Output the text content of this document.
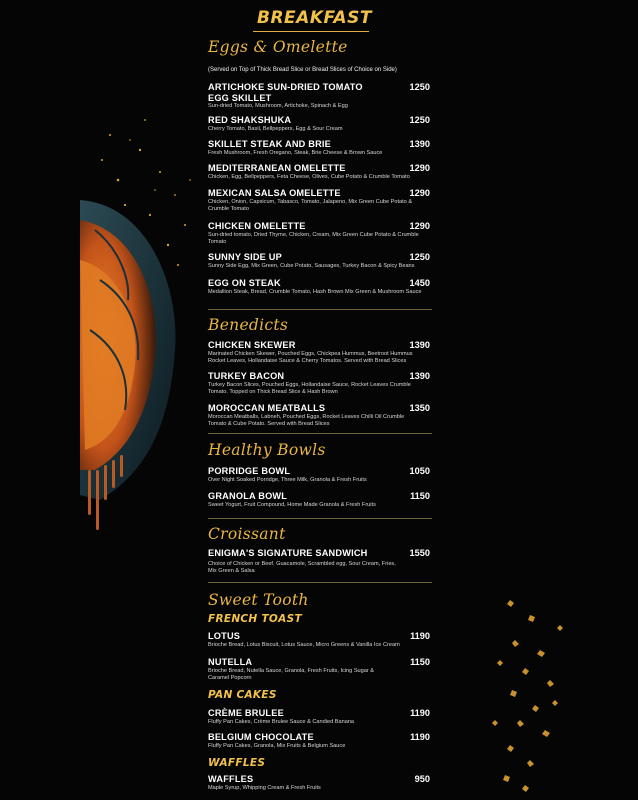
BREAKFAST
Eggs & Omelette
(Served on Top of Thick Bread Slice or Bread Slices of Choice on Side)
ARTICHOKE SUN-DRIED TOMATO EGG SKILLET
1250
Sun-dried Tomato, Mushroom, Artichoke, Spinach & Egg
RED SHAKSHUKA	1250
Cherry Tomato, Basil, Bellpeppers, Egg & Sour Cream
SKILLET STEAK AND BRIE	1390
Fresh Mushroom, Fresh Oregano, Steak, Brie Cheese & Brown Sauce
MEDITERRANEAN OMELETTE	1290
Chicken, Egg, Bellpeppers, Feta Cheese, Olives, Cube Potato & Crumble Tomato
MEXICAN SALSA OMELETTE	1290
Chicken, Onion, Capsicum, Tabasco, Tomato, Jalapeno, Mix Green Cube Potato & Crumble Tomato
CHICKEN OMELETTE	1290
Sun-dried tomato, Dried Thyme, Chicken, Cream, Mix Green Cube Potato & Crumble Tomato
SUNNY SIDE UP	1250
Sunny Side Egg, Mix Green, Cube Potato, Sausages, Turkey Bacon & Spicy Beans
EGG ON STEAK	1450
Medallion Steak, Bread, Crumble Tomato, Hash Brown Mix Green & Mushroom Sauce
Benedicts
CHICKEN SKEWER	1390
Marinated Chicken Skewer, Pouched Eggs, Chickpea Hummus, Beetroot Hummus Rocket Leaves, Hollandaise Sauce & Cherry Tomatos. Served with Bread Slices
TURKEY BACON	1390
Turkey Bacon Slices, Pouched Eggs, Hollandaise Sauce, Rocket Leaves Crumble Tomato. Topped on Thick Bread Slice & Hash Brown
MOROCCAN MEATBALLS	1350
Moroccan Meatballs, Labneh, Pouched Eggs, Rocket Leaves Chilli Oil Crumble Tomato & Cube Potato. Served with Bread Slices
Healthy Bowls
PORRIDGE BOWL	1050
Over Night Soaked Porridge, Three Milk, Granola & Fresh Fruits
GRANOLA BOWL	1150
Sweet Yogurt, Fruit Compound, Home Made Granola & Fresh Fruits
Croissant
ENIGMA'S SIGNATURE SANDWICH	1550
Choice of Chicken or Beef. Guacamole, Scrambled egg, Sour Cream, Fries, Mix Green & Salsa
Sweet Tooth
FRENCH TOAST
LOTUS	1190
Brioche Bread, Lotus Biscuit, Lotus Sauce, Micro Greens & Vanilla Ice Cream
NUTELLA	1150
Brioche Bread, Nutella Sauce, Granola, Fresh Fruits, Icing Sugar & Caramel Popcorn
PAN CAKES
CRÈME BRULEE	1190
Fluffy Pan Cakes, Crème Brulee Sauce & Candied Banana
BELGIUM CHOCOLATE	1190
Fluffy Pan Cakes, Granola, Mix Fruits & Belgium Sauce
WAFFLES
WAFFLES	950
Maple Syrup, Whipping Cream & Fresh Fruits
